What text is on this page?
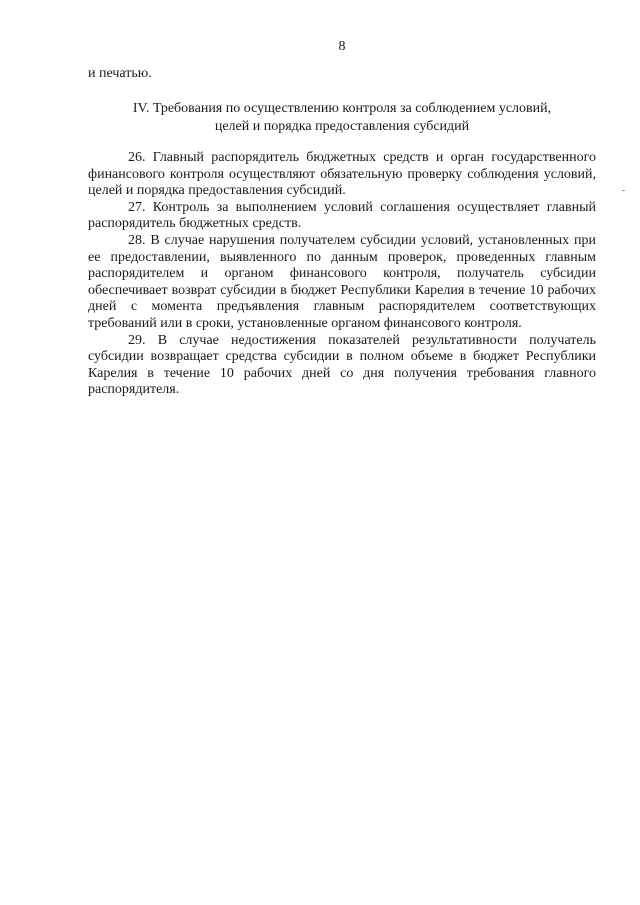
8
и печатью.
IV. Требования по осуществлению контроля за соблюдением условий,
целей и порядка предоставления субсидий

26. Главный распорядитель бюджетных средств и орган государственного финансового контроля осуществляют обязательную проверку соблюдения условий, целей и порядка предоставления субсидий.

27. Контроль за выполнением условий соглашения осуществляет главный распорядитель бюджетных средств.

28. В случае нарушения получателем субсидии условий, установленных при ее предоставлении, выявленного по данным проверок, проведенных главным распорядителем и органом финансового контроля, получатель субсидии обеспечивает возврат субсидии в бюджет Республики Карелия в течение 10 рабочих дней с момента предъявления главным распорядителем соответствующих требований или в сроки, установленные органом финансового контроля.

29. В случае недостижения показателей результативности получатель субсидии возвращает средства субсидии в полном объеме в бюджет Республики Карелия в течение 10 рабочих дней со дня получения требования главного распорядителя.
